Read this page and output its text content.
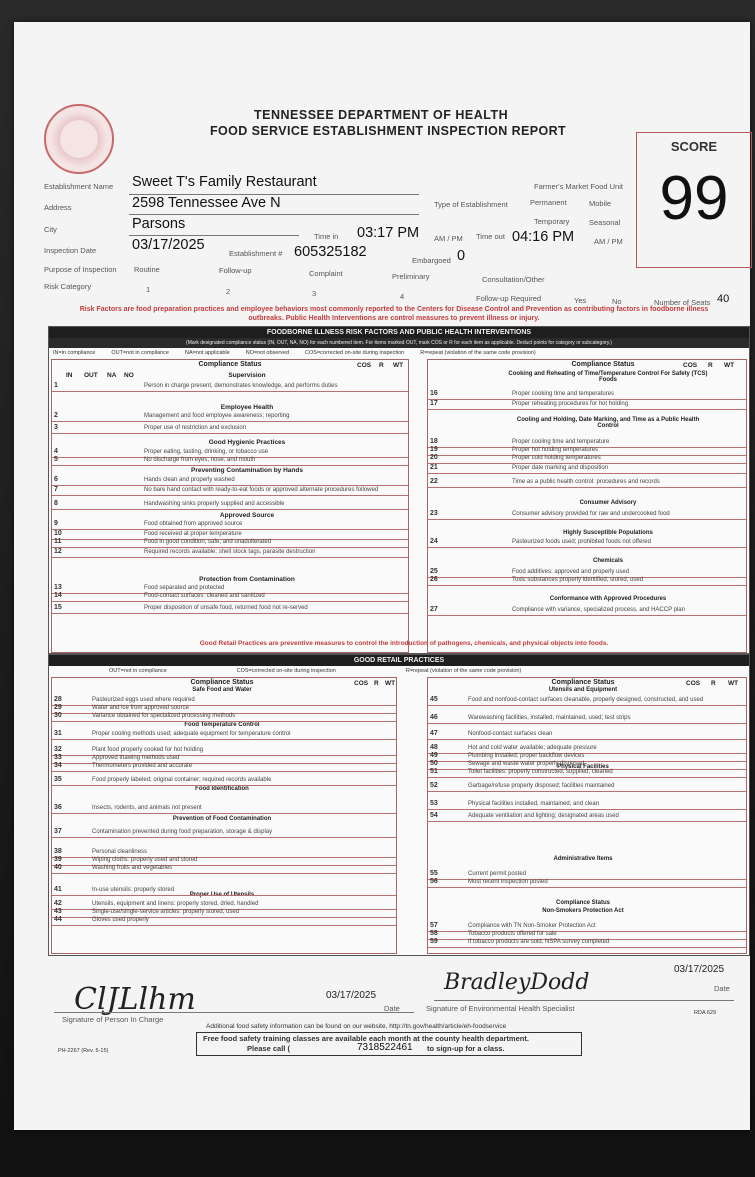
TENNESSEE DEPARTMENT OF HEALTH
FOOD SERVICE ESTABLISHMENT INSPECTION REPORT
SCORE
99
Establishment Name Sweet T's Family Restaurant
Address	2598 Tennessee Ave N
City	Parsons
Time in 03:17 PM AM / PM Time out 04:16 PM	AM / PM
Inspection Date 03/17/2025
Establishment # 605325182
Embargoed 0
Farmer's Market Food Unit
Type of Establishment	Permanent	Mobile
Temporary	Seasonal
Purpose of Inspection Routine	Follow-up	Complaint	Preliminary	Consultation/Other
Risk Category	1	2	3	4	Follow-up Required	Yes	No	Number of Seats 40
Risk Factors are food preparation practices and employee behaviors most commonly reported to the Centers for Disease Control and Prevention as contributing factors in foodborne illness outbreaks. Public Health Interventions are control measures to prevent illness or injury.
FOODBORNE ILLNESS RISK FACTORS AND PUBLIC HEALTH INTERVENTIONS
(Mark designated compliance status (IN, OUT, NA, NO) for each numbered item. For items marked OUT, mark COS or R for each item as applicable. Deduct points for category or subcategory.)
IN=in compliance	OUT=not in compliance	NA=not applicable	NO=not observed	COS=corrected on-site during inspection	R=repeat (violation of the same code provision)
Compliance Status
IN OUT NA NO
COS R WT
Supervision
Employee Health
Good Hygienic Practices
Preventing Contamination by Hands
Approved Source
Protection from Contamination
1	Person in charge present, demonstrates knowledge, and performs duties
2	Management and food employee awareness; reporting
3	Proper use of restriction and exclusion
4	Proper eating, tasting, drinking, or tobacco use
5	No discharge from eyes, nose, and mouth
6	Hands clean and properly washed
7	No bare hand contact with ready-to-eat foods or approved alternate procedures followed
8	Handwashing sinks properly supplied and accessible
9	Food obtained from approved source
10	Food received at proper temperature
11	Food in good condition, safe, and unadulterated
12	Required records available: shell stock tags, parasite destruction
13	Food separated and protected
14	Food-contact surfaces: cleaned and sanitized
15	Proper disposition of unsafe food, returned food not re-served
Compliance Status
Cooking and Reheating of Time/Temperature Control For Safety (TCS) Foods
Cooling and Holding, Date Marking, and Time as a Public Health Control
Consumer Advisory
Highly Susceptible Populations
Chemicals
Conformance with Approved Procedures
COS R WT
16	Proper cooking time and temperatures
17	Proper reheating procedures for hot holding
18	Proper cooling time and temperature
19	Proper hot holding temperatures
20	Proper cold holding temperatures
21	Proper date marking and disposition
22	Time as a public health control: procedures and records
23	Consumer advisory provided for raw and undercooked food
24	Pasteurized foods used; prohibited foods not offered
25	Food additives: approved and properly used
26	Toxic substances properly identified, stored, used
27	Compliance with variance, specialized process, and HACCP plan
Good Retail Practices are preventive measures to control the introduction of pathogens, chemicals, and physical objects into foods.
GOOD RETAIL PRACTICES
OUT=not in compliance	COS=corrected on-site during inspection	R=repeat (violation of the same code provision)
Compliance Status
Safe Food and Water
Food Temperature Control
Food Identification
Prevention of Food Contamination
Proper Use of Utensils
COS R WT
28	Pasteurized eggs used where required
29	Water and ice from approved source
30	Variance obtained for specialized processing methods
31	Proper cooling methods used; adequate equipment for temperature control
32	Plant food properly cooked for hot holding
33	Approved thawing methods used
34	Thermometers provided and accurate
35	Food properly labeled; original container; required records available
36	Insects, rodents, and animals not present
37	Contamination prevented during food preparation, storage & display
38	Personal cleanliness
39	Wiping cloths: properly used and stored
40	Washing fruits and vegetables
41	In-use utensils: properly stored
42	Utensils, equipment and linens: properly stored, dried, handled
43	Single-use/single-service articles: properly stored, used
44	Gloves used properly
Compliance Status
Utensils and Equipment
Physical Facilities
Administrative Items
Compliance Status
Non-Smokers Protection Act
COS R WT
45	Food and nonfood-contact surfaces cleanable, properly designed, constructed, and used
46	Warewashing facilities, installed, maintained, used; test strips
47	Nonfood-contact surfaces clean
48	Hot and cold water available; adequate pressure
49	Plumbing installed; proper backflow devices
50	Sewage and waste water properly disposed
51	Toilet facilities: properly constructed, supplied, cleaned
52	Garbage/refuse properly disposed; facilities maintained
53	Physical facilities installed, maintained, and clean
54	Adequate ventilation and lighting; designated areas used
55	Current permit posted
56	Most recent inspection posted
57	Compliance with TN Non-Smoker Protection Act
58	Tobacco products offered for sale
59	If tobacco products are sold, NSPA survey completed
ClJLlhm	03/17/2025
BradleyDodd
03/17/2025
Signature of Person In Charge
Date	Signature of Environmental Health Specialist
Date
Additional food safety information can be found on our website, http://tn.gov/health/article/eh-foodservice
Free food safety training classes are available each month at the county health department.
Please call (	7318522461 to sign-up for a class.
PH-2267 (Rev. 6-15)
RDA 629
